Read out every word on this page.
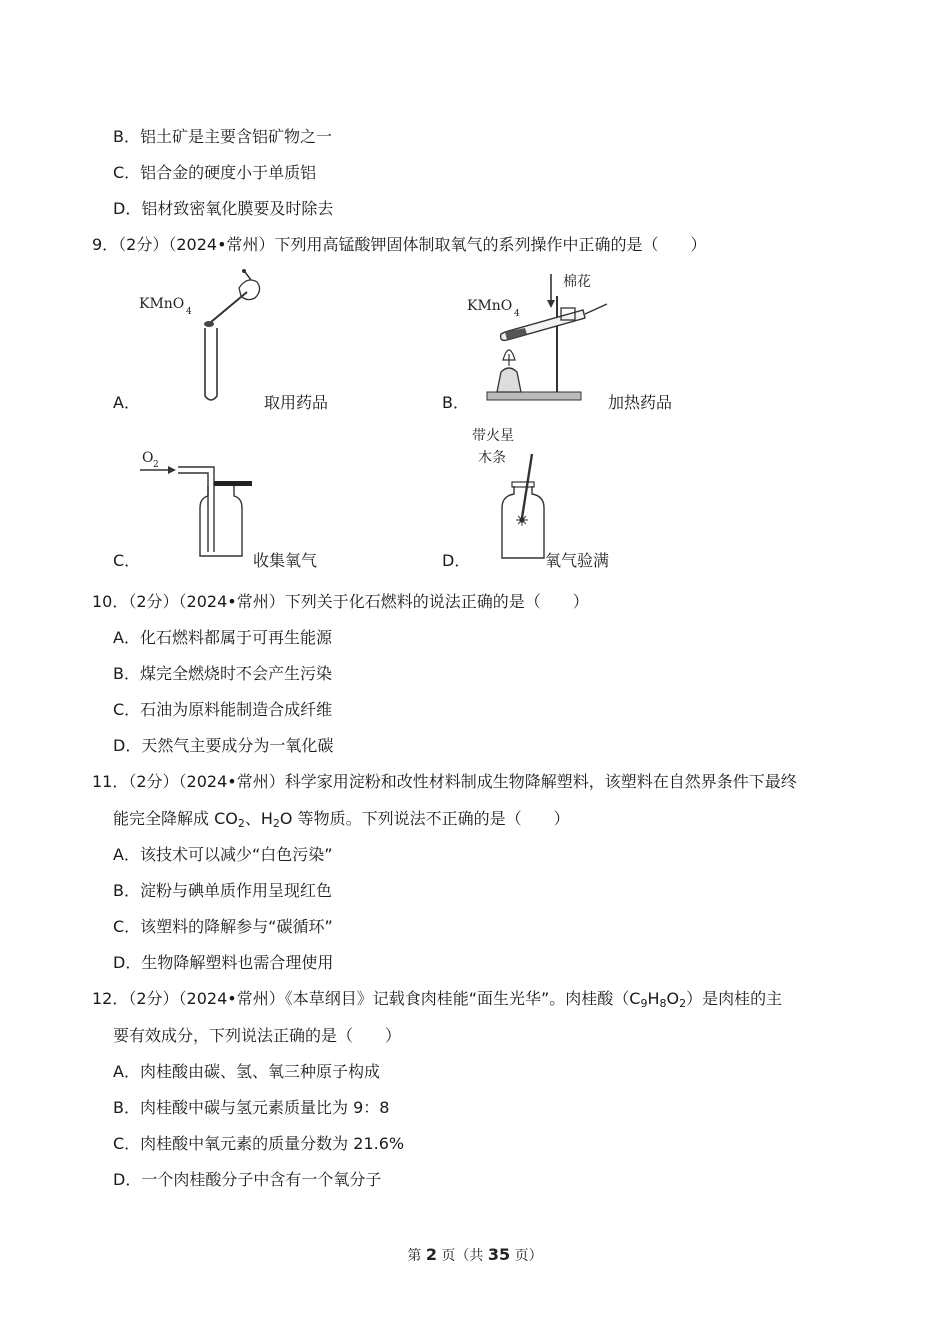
B．铝土矿是主要含铝矿物之一
C．铝合金的硬度小于单质铝
D．铝材致密氧化膜要及时除去
9．（2分）（2024•常州）下列用高锰酸钾固体制取氧气的系列操作中正确的是（　　）
KMnO 4
A．	取用药品
KMnO 4
棉花
B．	加热药品
O 2
C．	收集氧气
带火星
木条
D．	氧气验满
10．（2分）（2024•常州）下列关于化石燃料的说法正确的是（　　）
A．化石燃料都属于可再生能源
B．煤完全燃烧时不会产生污染
C．石油为原料能制造合成纤维
D．天然气主要成分为一氧化碳
11．（2分）（2024•常州）科学家用淀粉和改性材料制成生物降解塑料，该塑料在自然界条件下最终
能完全降解成 $CO_2$、$H_2O$ 等物质。下列说法不正确的是（　　）
A．该技术可以减少“白色污染”
B．淀粉与碘单质作用呈现红色
C．该塑料的降解参与“碳循环”
D．生物降解塑料也需合理使用
12．（2分）（2024•常州）《本草纲目》记载食肉桂能“面生光华”。肉桂酸$(C_9H_8O_2)$是肉桂的主
要有效成分，下列说法正确的是（　　）
A．肉桂酸由碳、氢、氧三种原子构成
B．肉桂酸中碳与氢元素质量比为 9：8
C．肉桂酸中氧元素的质量分数为 21.6%
D．一个肉桂酸分子中含有一个氧分子
第 2 页（共 35 页）
